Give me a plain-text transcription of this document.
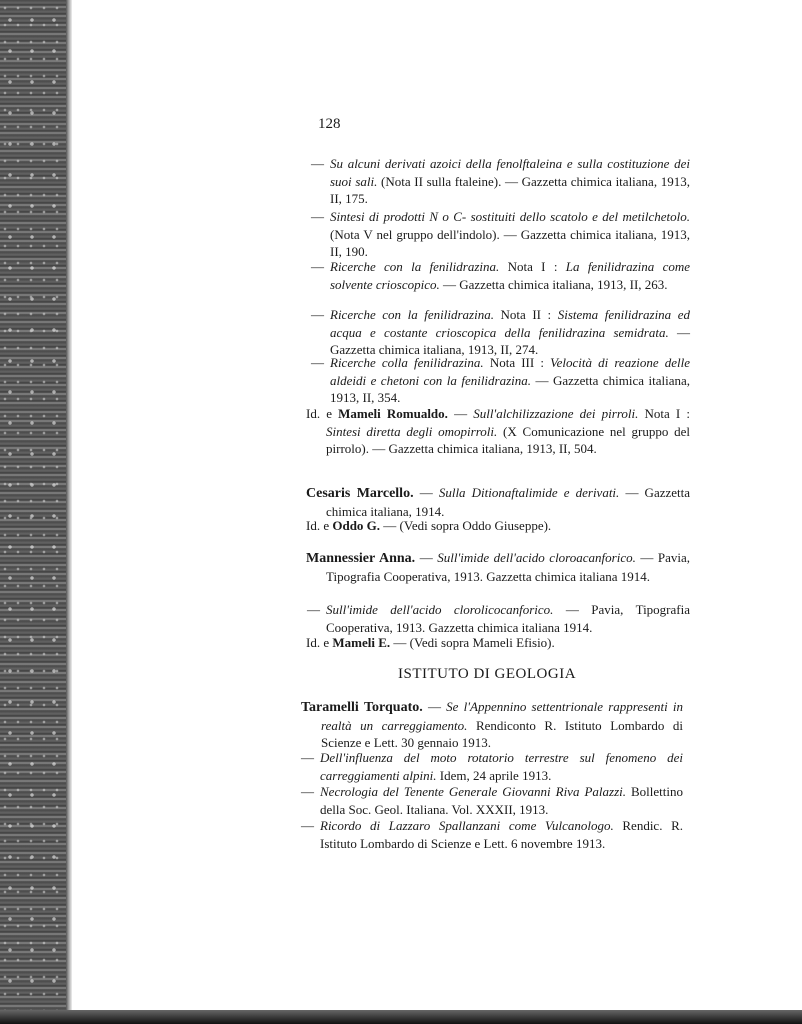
128
— Su alcuni derivati azoici della fenolftaleina e sulla costituzione dei suoi sali. (Nota II sulla ftaleine). — Gazzetta chimica italiana, 1913, II, 175.
— Sintesi di prodotti N o C- sostituiti dello scatolo e del metilchetolo. (Nota V nel gruppo dell'indolo). — Gazzetta chimica italiana, 1913, II, 190.
— Ricerche con la fenilidrazina. Nota I : La fenilidrazina come solvente crioscopico. — Gazzetta chimica italiana, 1913, II, 263.
— Ricerche con la fenilidrazina. Nota II : Sistema fenilidrazina ed acqua e costante crioscopica della fenilidrazina semidrata. — Gazzetta chimica italiana, 1913, II, 274.
— Ricerche colla fenilidrazina. Nota III : Velocità di reazione delle aldeidi e chetoni con la fenilidrazina. — Gazzetta chimica italiana, 1913, II, 354.
Id. e Mameli Romualdo. — Sull'alchilizzazione dei pirroli. Nota I : Sintesi diretta degli omopirroli. (X Comunicazione nel gruppo del pirrolo). — Gazzetta chimica italiana, 1913, II, 504.
Cesaris Marcello. — Sulla Ditionaftalimide e derivati. — Gazzetta chimica italiana, 1914.
Id. e Oddo G. — (Vedi sopra Oddo Giuseppe).
Mannessier Anna. — Sull'imide dell'acido cloroacanforico. — Pavia, Tipografia Cooperativa, 1913. Gazzetta chimica italiana 1914.
— Sull'imide dell'acido clorolicocanforico. — Pavia, Tipografia Cooperativa, 1913. Gazzetta chimica italiana 1914.
Id. e Mameli E. — (Vedi sopra Mameli Efisio).
ISTITUTO DI GEOLOGIA
Taramelli Torquato. — Se l'Appennino settentrionale rappresenti in realtà un carreggiamento. Rendiconto R. Istituto Lombardo di Scienze e Lett. 30 gennaio 1913.
— Dell'influenza del moto rotatorio terrestre sul fenomeno dei carreggiamenti alpini. Idem, 24 aprile 1913.
— Necrologia del Tenente Generale Giovanni Riva Palazzi. Bollettino della Soc. Geol. Italiana. Vol. XXXII, 1913.
— Ricordo di Lazzaro Spallanzani come Vulcanologo. Rendic. R. Istituto Lombardo di Scienze e Lett. 6 novembre 1913.
